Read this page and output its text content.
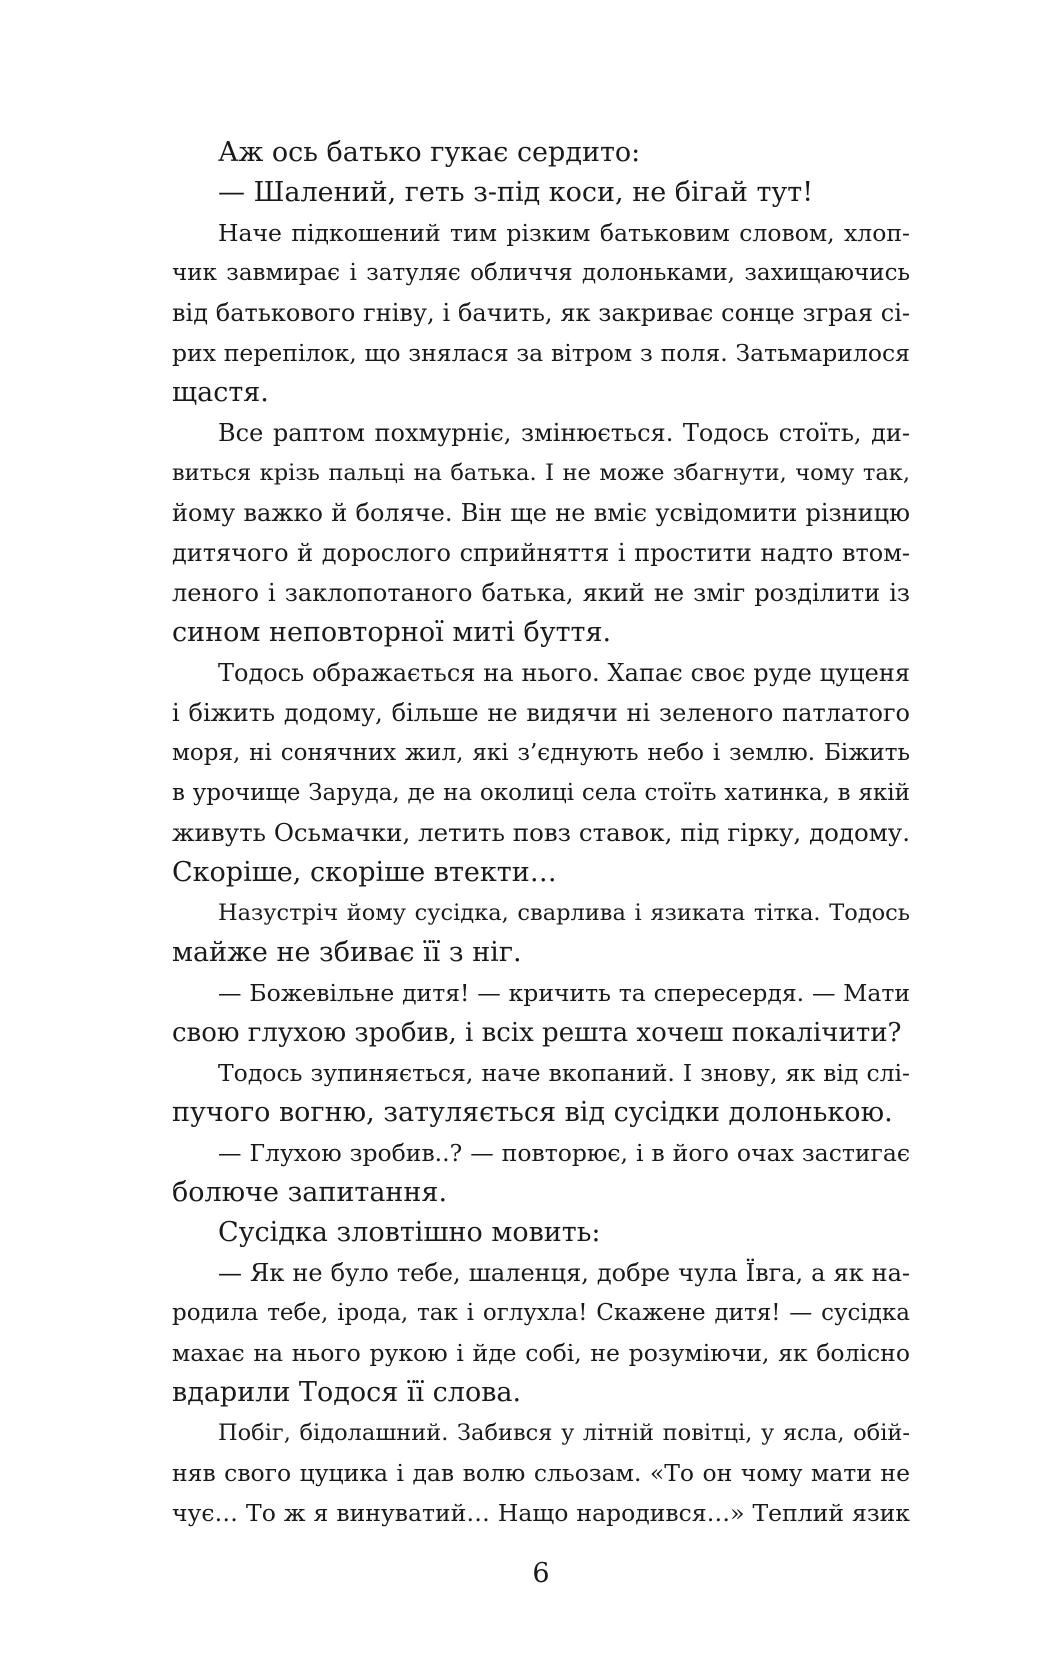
Аж ось батько гукає сердито:
— Шалений, геть з-під коси, не бігай тут!
Наче підкошений тим різким батьковим словом, хлоп-
чик завмирає і затуляє обличчя долоньками, захищаючись
від батькового гніву, і бачить, як закриває сонце зграя сі-
рих перепілок, що знялася за вітром з поля. Затьмарилося
щастя.
Все раптом похмурніє, змінюється. Тодось стоїть, ди-
виться крізь пальці на батька. І не може збагнути, чому так,
йому важко й боляче. Він ще не вміє усвідомити різницю
дитячого й дорослого сприйняття і простити надто втом-
леного і заклопотаного батька, який не зміг розділити із
сином неповторної миті буття.
Тодось ображається на нього. Хапає своє руде цуценя
і біжить додому, більше не видячи ні зеленого патлатого
моря, ні сонячних жил, які з’єднують небо і землю. Біжить
в урочище Заруда, де на околиці села стоїть хатинка, в якій
живуть Осьмачки, летить повз ставок, під гірку, додому.
Скоріше, скоріше втекти…
Назустріч йому сусідка, сварлива і язиката тітка. Тодось
майже не збиває її з ніг.
— Божевільне дитя! — кричить та спересердя. — Мати
свою глухою зробив, і всіх решта хочеш покалічити?
Тодось зупиняється, наче вкопаний. І знову, як від слі-
пучого вогню, затуляється від сусідки долонькою.
— Глухою зробив..? — повторює, і в його очах застигає
болюче запитання.
Сусідка зловтішно мовить:
— Як не було тебе, шаленця, добре чула Ївга, а як на-
родила тебе, ірода, так і оглухла! Скажене дитя! — сусідка
махає на нього рукою і йде собі, не розуміючи, як болісно
вдарили Тодося її слова.
Побіг, бідолашний. Забився у літній повітці, у ясла, обій-
няв свого цуцика і дав волю сльозам. «То он чому мати не
чує… То ж я винуватий… Нащо народився…» Теплий язик
6
